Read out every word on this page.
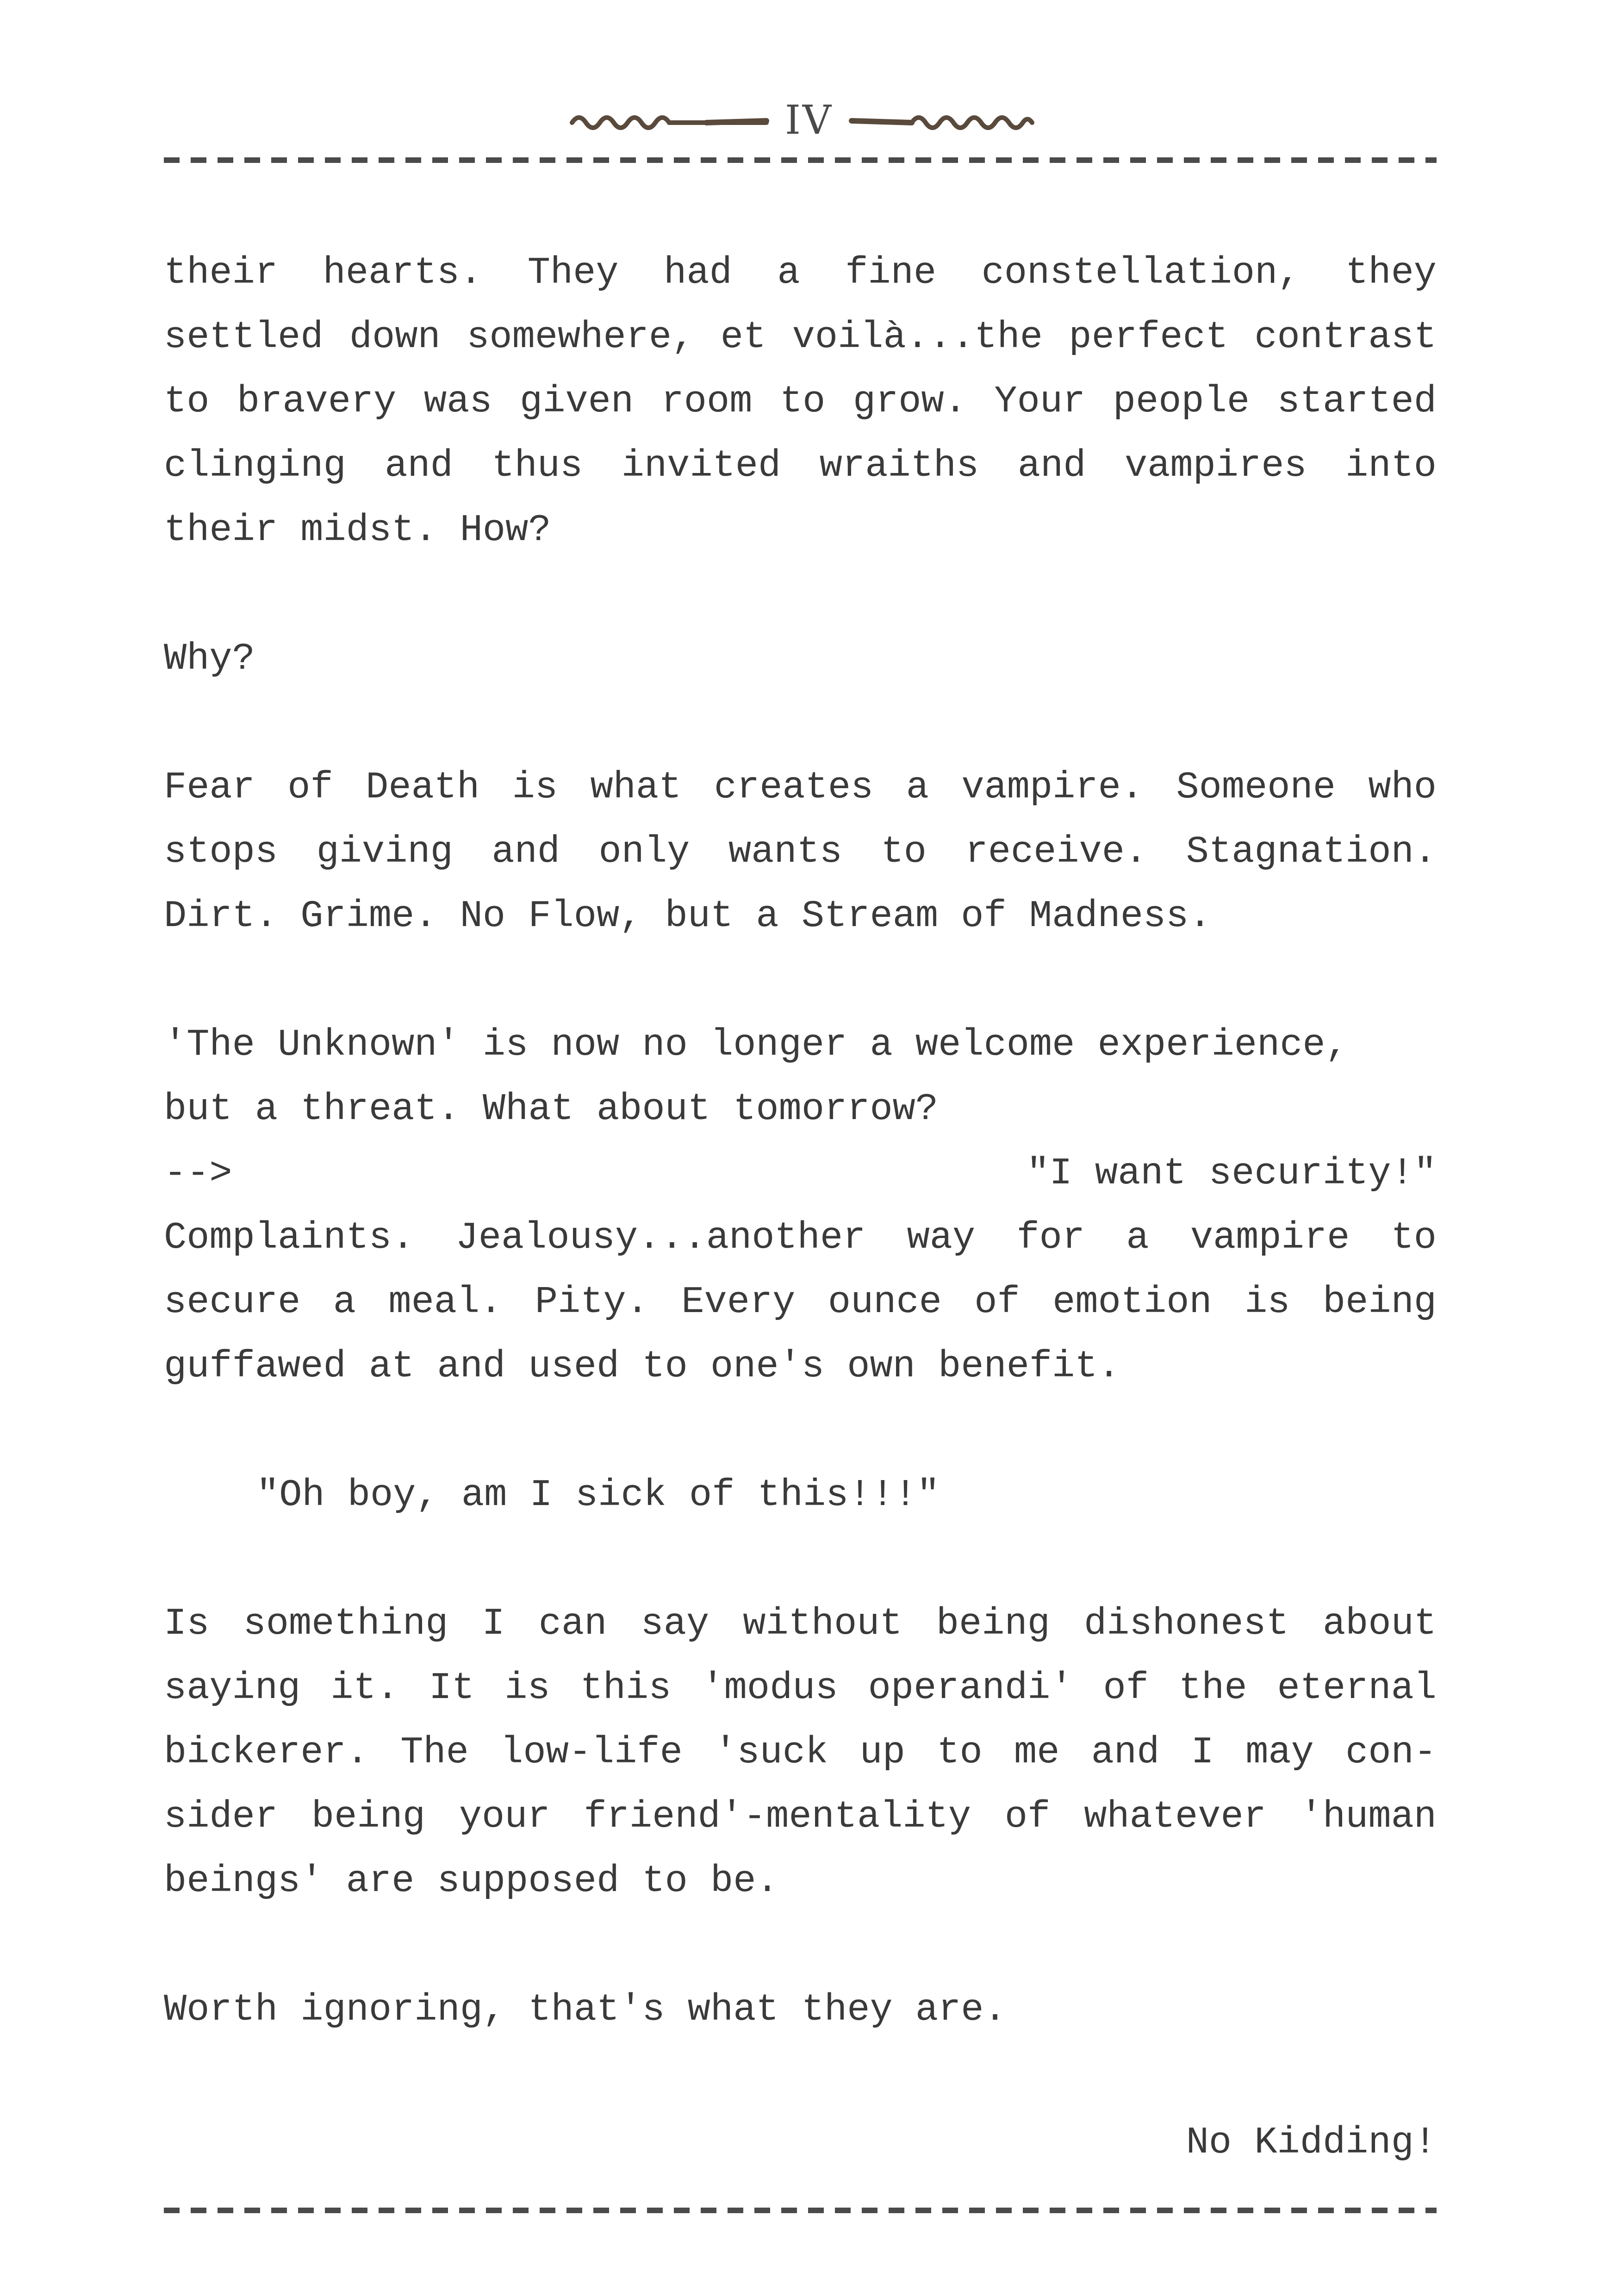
IV

their hearts. They had a fine constellation, they settled down somewhere, et voilà...the perfect contrast to bravery was given room to grow. Your people started clinging and thus invited wraiths and vampires into their midst. How?

Why?

Fear of Death is what creates a vampire. Someone who stops giving and only wants to receive. Stagnation. Dirt. Grime. No Flow, but a Stream of Madness.

'The Unknown' is now no longer a welcome experience,
but a threat. What about tomorrow?
-->	"I want security!"
Complaints. Jealousy...another way for a vampire to secure a meal. Pity. Every ounce of emotion is being guffawed at and used to one's own benefit.

"Oh boy, am I sick of this!!!"

Is something I can say without being dishonest about saying it. It is this 'modus operandi' of the eternal bickerer. The low-life 'suck up to me and I may con-sider being your friend'-mentality of whatever 'human beings' are supposed to be.

Worth ignoring, that's what they are.

No Kidding!
